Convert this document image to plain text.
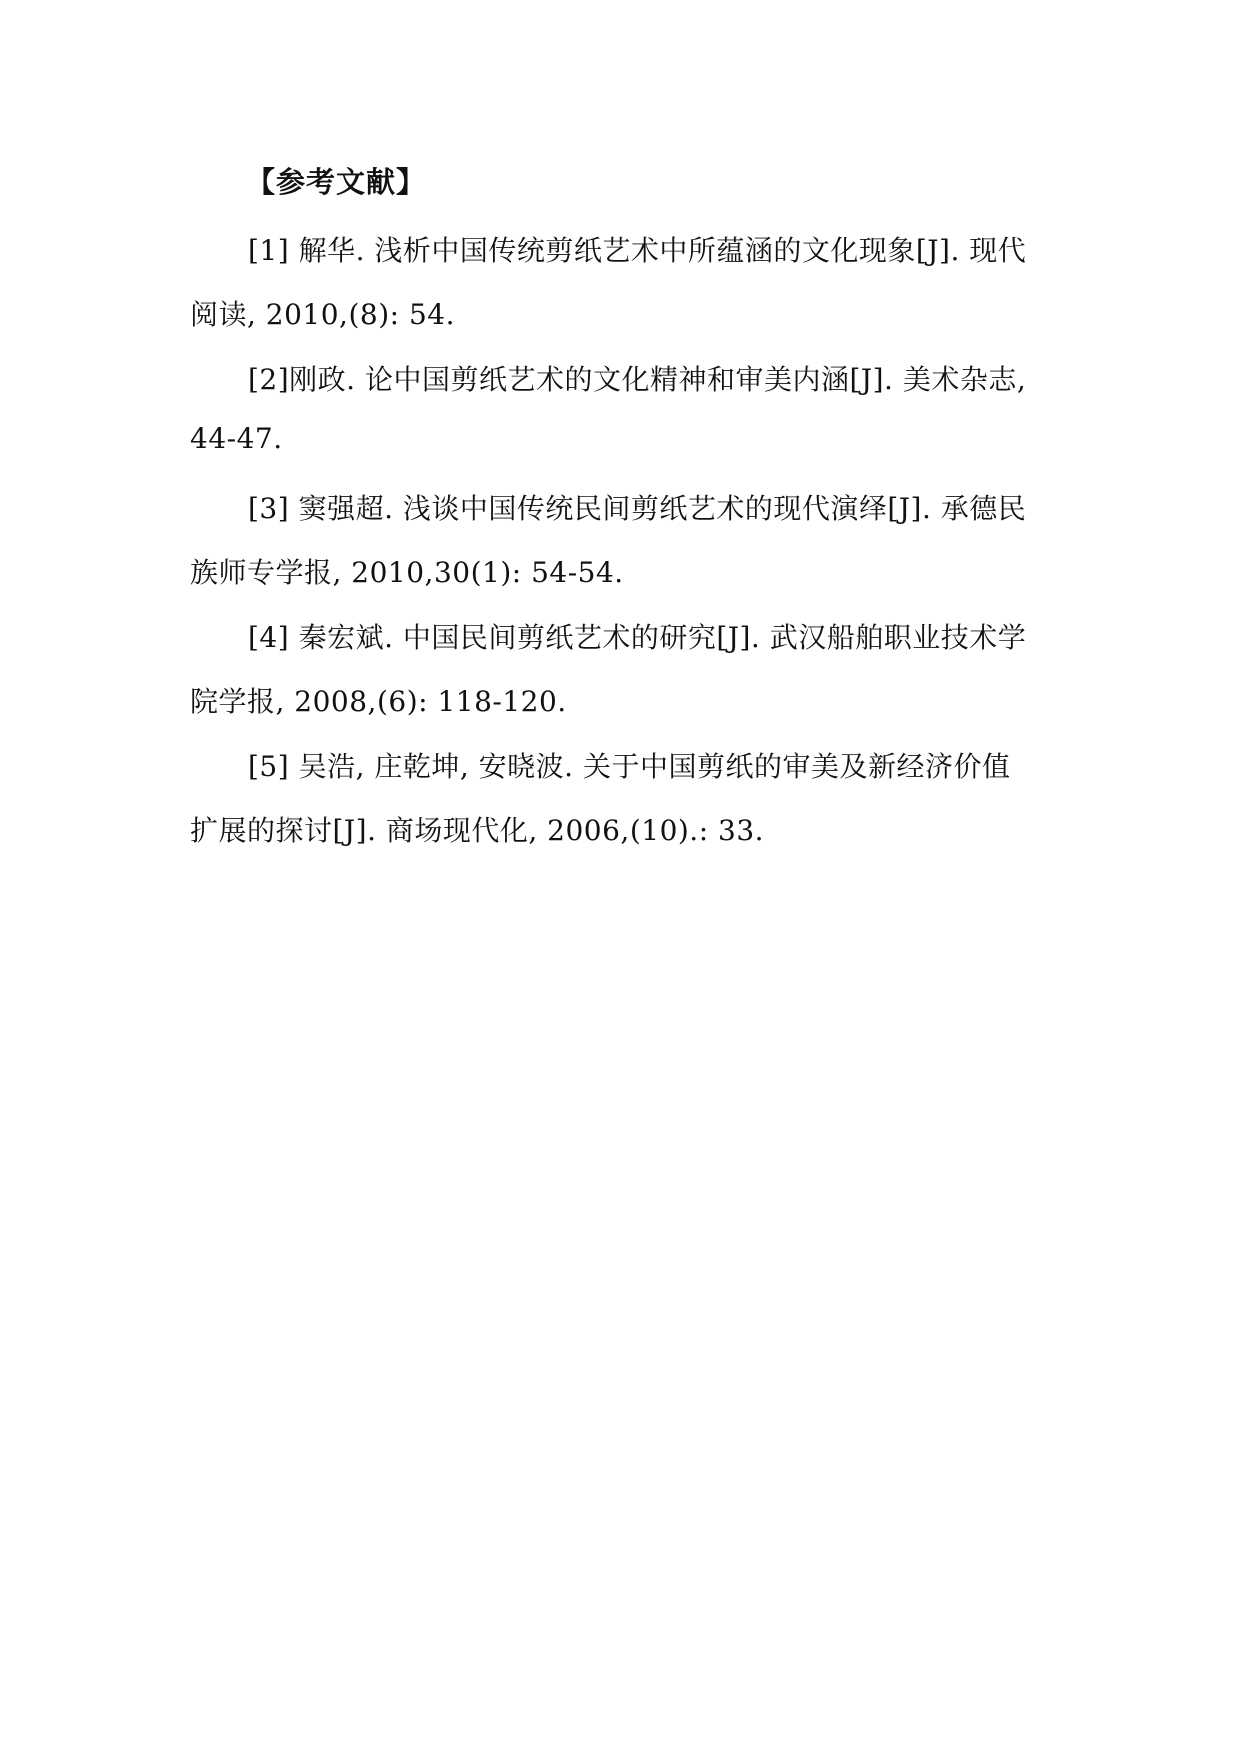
【参考文献】
[1] 解华. 浅析中国传统剪纸艺术中所蕴涵的文化现象[J]. 现代
阅读, 2010,(8): 54.
[2]刚政. 论中国剪纸艺术的文化精神和审美内涵[J]. 美术杂志,
44-47.
[3] 窦强超. 浅谈中国传统民间剪纸艺术的现代演绎[J]. 承德民
族师专学报, 2010,30(1): 54-54.
[4] 秦宏斌. 中国民间剪纸艺术的研究[J]. 武汉船舶职业技术学
院学报, 2008,(6): 118-120.
[5] 吴浩, 庄乾坤, 安晓波. 关于中国剪纸的审美及新经济价值
扩展的探讨[J]. 商场现代化, 2006,(10).: 33.
